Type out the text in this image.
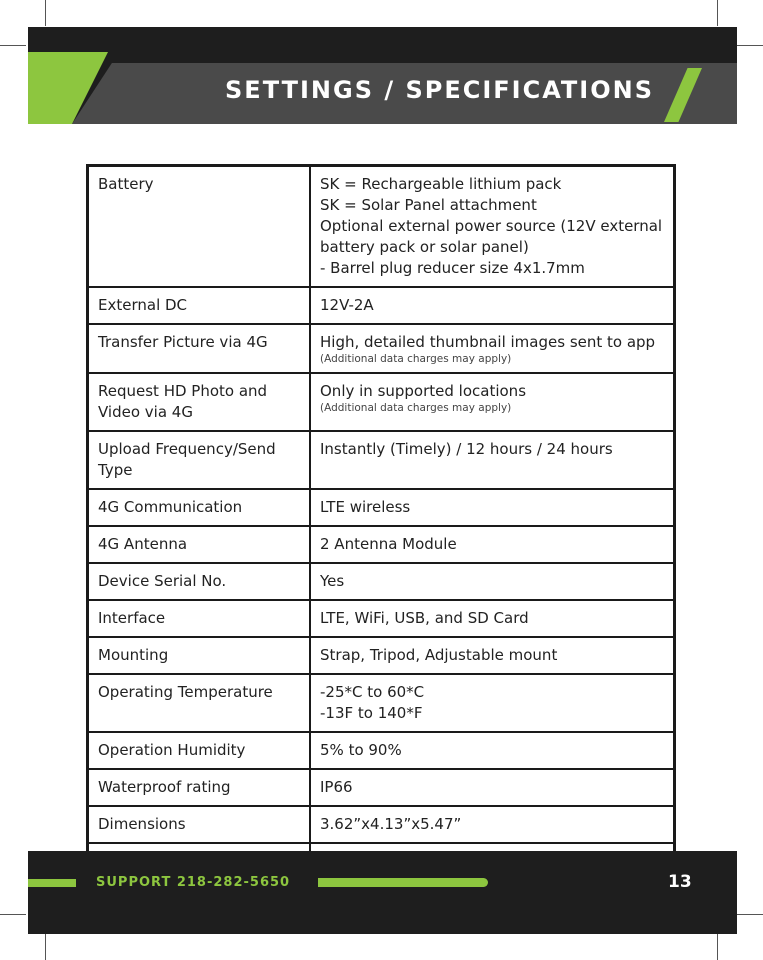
SETTINGS / SPECIFICATIONS
Battery	SK = Rechargeable lithium pack
SK = Solar Panel attachment
Optional external power source (12V external
battery pack or solar panel)
- Barrel plug reducer size 4x1.7mm

External DC	12V-2A

Transfer Picture via 4G	High, detailed thumbnail images sent to app
(Additional data charges may apply)

Request HD Photo and Video via 4G	Only in supported locations
(Additional data charges may apply)

Upload Frequency/Send Type	Instantly (Timely) / 12 hours / 24 hours

4G Communication	LTE wireless

4G Antenna	2 Antenna Module

Device Serial No.	Yes

Interface	LTE, WiFi, USB, and SD Card

Mounting	Strap, Tripod, Adjustable mount

Operating Temperature	-25*C to 60*C
-13F to 140*F

Operation Humidity	5% to 90%

Waterproof rating	IP66

Dimensions	3.62”x4.13”x5.47”

SUPPORT 218-282-5650	13
